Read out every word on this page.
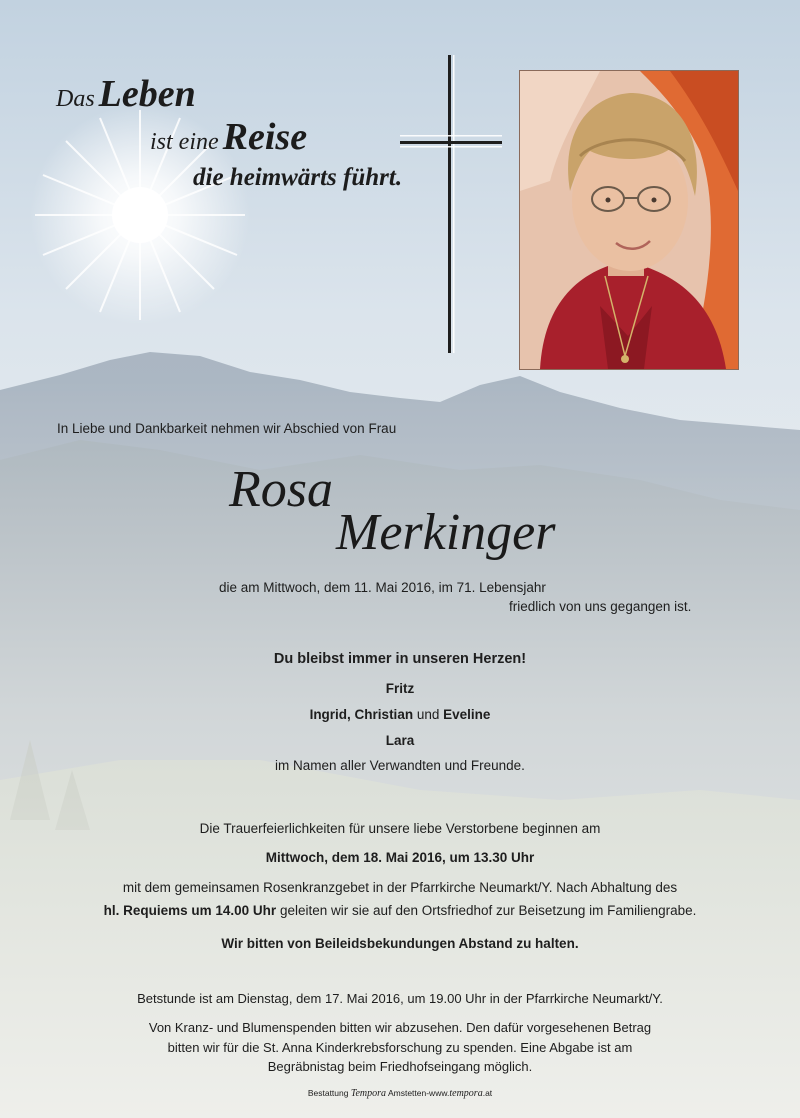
Das Leben
ist eine Reise
die heimwärts führt.
In Liebe und Dankbarkeit nehmen wir Abschied von Frau
Rosa
Merkinger
die am Mittwoch, dem 11. Mai 2016, im 71. Lebensjahr
friedlich von uns gegangen ist.
Du bleibst immer in unseren Herzen!
Fritz
Ingrid, Christian und Eveline
Lara
im Namen aller Verwandten und Freunde.
Die Trauerfeierlichkeiten für unsere liebe Verstorbene beginnen am
Mittwoch, dem 18. Mai 2016, um 13.30 Uhr
mit dem gemeinsamen Rosenkranzgebet in der Pfarrkirche Neumarkt/Y. Nach Abhaltung des
hl. Requiems um 14.00 Uhr geleiten wir sie auf den Ortsfriedhof zur Beisetzung im Familiengrabe.
Wir bitten von Beileidsbekundungen Abstand zu halten.
Betstunde ist am Dienstag, dem 17. Mai 2016, um 19.00 Uhr in der Pfarrkirche Neumarkt/Y.
Von Kranz- und Blumenspenden bitten wir abzusehen. Den dafür vorgesehenen Betrag
bitten wir für die St. Anna Kinderkrebsforschung zu spenden. Eine Abgabe ist am
Begräbnistag beim Friedhofseingang möglich.
Bestattung Tempora Amstetten-www.tempora.at
